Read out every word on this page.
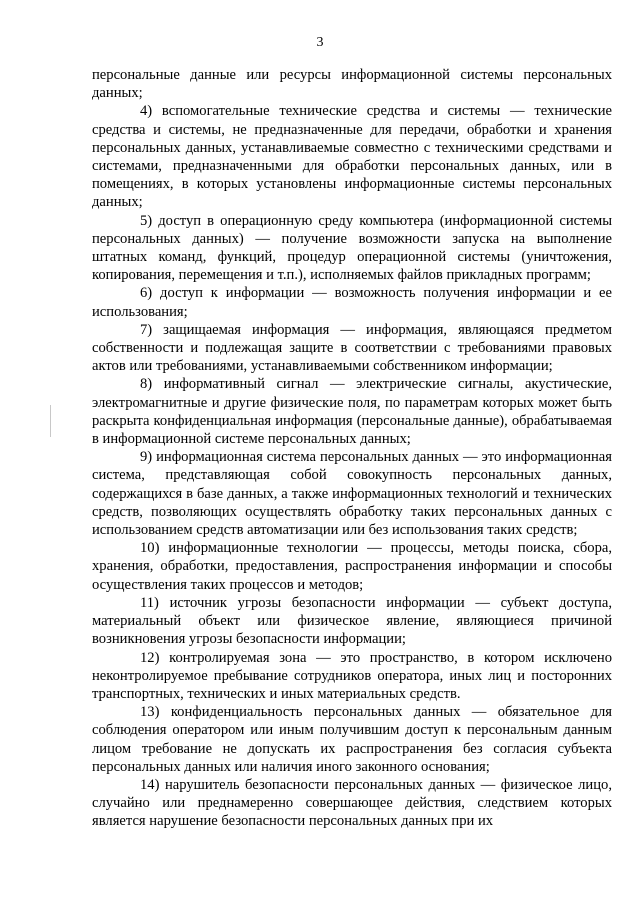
3

персональные данные или ресурсы информационной системы персональных данных;

4) вспомогательные технические средства и системы — технические средства и системы, не предназначенные для передачи, обработки и хранения персональных данных, устанавливаемые совместно с техническими средствами и системами, предназначенными для обработки персональных данных, или в помещениях, в которых установлены информационные системы персональных данных;

5) доступ в операционную среду компьютера (информационной системы персональных данных) — получение возможности запуска на выполнение штатных команд, функций, процедур операционной системы (уничтожения, копирования, перемещения и т.п.), исполняемых файлов прикладных программ;

6) доступ к информации — возможность получения информации и ее использования;

7) защищаемая информация — информация, являющаяся предметом собственности и подлежащая защите в соответствии с требованиями правовых актов или требованиями, устанавливаемыми собственником информации;

8) информативный сигнал — электрические сигналы, акустические, электромагнитные и другие физические поля, по параметрам которых может быть раскрыта конфиденциальная информация (персональные данные), обрабатываемая в информационной системе персональных данных;

9) информационная система персональных данных — это информационная система, представляющая собой совокупность персональных данных, содержащихся в базе данных, а также информационных технологий и технических средств, позволяющих осуществлять обработку таких персональных данных с использованием средств автоматизации или без использования таких средств;

10) информационные технологии — процессы, методы поиска, сбора, хранения, обработки, предоставления, распространения информации и способы осуществления таких процессов и методов;

11) источник угрозы безопасности информации — субъект доступа, материальный объект или физическое явление, являющиеся причиной возникновения угрозы безопасности информации;

12) контролируемая зона — это пространство, в котором исключено неконтролируемое пребывание сотрудников оператора, иных лиц и посторонних транспортных, технических и иных материальных средств.

13) конфиденциальность персональных данных — обязательное для соблюдения оператором или иным получившим доступ к персональным данным лицом требование не допускать их распространения без согласия субъекта персональных данных или наличия иного законного основания;

14) нарушитель безопасности персональных данных — физическое лицо, случайно или преднамеренно совершающее действия, следствием которых является нарушение безопасности персональных данных при их
